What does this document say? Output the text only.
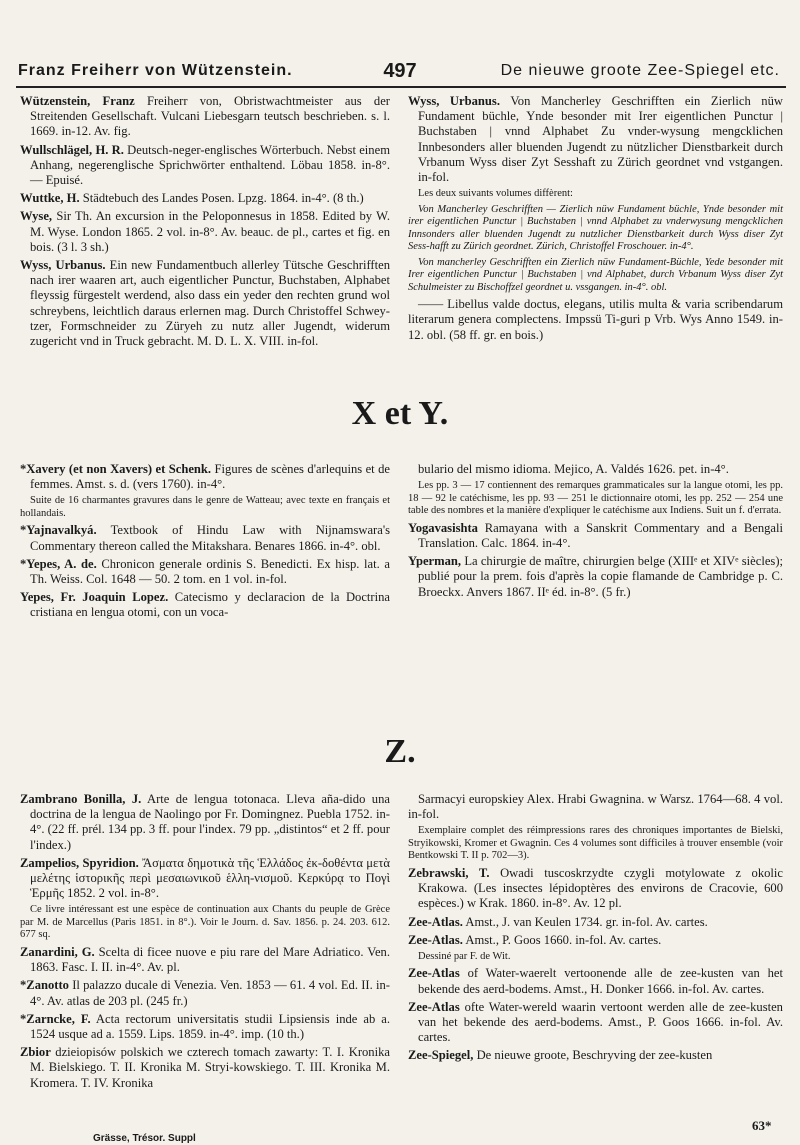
Franz Freiherr von Wützenstein.	497	De nieuwe groote Zee-Spiegel etc.

Wützenstein, Franz Freiherr von, Obristwachtmeister aus der Streitenden Gesellschaft. Vulcani Liebesgarn teutsch beschrieben. s. l. 1669. in-12. Av. fig.

Wullschlägel, H. R. Deutsch-neger-englisches Wörterbuch. Nebst einem Anhang, negerenglische Sprichwörter enthaltend. Löbau 1858. in-8°. — Epuisé.

Wuttke, H. Städtebuch des Landes Posen. Lpzg. 1864. in-4°. (8 th.)

Wyse, Sir Th. An excursion in the Peloponnesus in 1858. Edited by W. M. Wyse. London 1865. 2 vol. in-8°. Av. beauc. de pl., cartes et fig. en bois. (3 l. 3 sh.)

Wyss, Urbanus. Ein new Fundamentbuch allerley Tütsche Geschrifften nach irer waaren art, auch eigentlicher Punctur, Buchstaben, Alphabet fleyssig fürgestelt werdend, also dass ein yeder den rechten grund wol schreybens, leichtlich daraus erlernen mag. Durch Christoffel Schwey-tzer, Formschneider zu Züryeh zu nutz aller Jugendt, widerum zugericht vnd in Truck gebracht. M. D. L. X. VIII. in-fol.

Wyss, Urbanus. Von Mancherley Geschrifften ein Zierlich nüw Fundament büchle, Ynde besonder mit Irer eigentlichen Punctur | Buchstaben | vnnd Alphabet Zu vnder-wysung mengcklichen Innbesonders aller bluenden Jugendt zu nützlicher Dienstbarkeit durch Vrbanum Wyss diser Zyt Sesshaft zu Zürich geordnet vnd vstgangen. in-fol.

Les deux suivants volumes diffèrent:

Von Mancherley Geschrifften — Zierlich nüw Fundament büchle, Ynde besonder mit irer eigentlichen Punctur | Buchstaben | vnnd Alphabet zu vnderwysung mengcklichen Innsonders aller bluenden Jugendt zu nutzlicher Dienstbarkeit durch Wyss diser Zyt Sess-hafft zu Zürich geordnet. Zürich, Christoffel Froschouer. in-4°.

Von mancherley Geschrifften ein Zierlich nüw Fundament-Büchle, Yede besonder mit Irer eigentlichen Punctur | Buchstaben | vnd Alphabet, durch Vrbanum Wyss diser Zyt Schulmeister zu Bischoffzel geordnet u. vssgangen. in-4°. obl.

—— Libellus valde doctus, elegans, utilis multa & varia scribendarum literarum genera complectens. Impssü Ti-guri p Vrb. Wys Anno 1549. in-12. obl. (58 ff. gr. en bois.)

X et Y.

*Xavery (et non Xavers) et Schenk. Figures de scènes d'arlequins et de femmes. Amst. s. d. (vers 1760). in-4°.

Suite de 16 charmantes gravures dans le genre de Watteau; avec texte en français et hollandais.

*Yajnavalkyá. Textbook of Hindu Law with Nijnamswara's Commentary thereon called the Mitakshara. Benares 1866. in-4°. obl.

*Yepes, A. de. Chronicon generale ordinis S. Benedicti. Ex hisp. lat. a Th. Weiss. Col. 1648 — 50. 2 tom. en 1 vol. in-fol.

Yepes, Fr. Joaquin Lopez. Catecismo y declaracion de la Doctrina cristiana en lengua otomi, con un voca-

bulario del mismo idioma. Mejico, A. Valdés 1626. pet. in-4°.

Les pp. 3 — 17 contiennent des remarques grammaticales sur la langue otomi, les pp. 18 — 92 le catéchisme, les pp. 93 — 251 le dictionnaire otomi, les pp. 252 — 254 une table des nombres et la manière d'expliquer le catéchisme aux Indiens. Suit un f. d'errata.

Yogavasishta Ramayana with a Sanskrit Commentary and a Bengali Translation. Calc. 1864. in-4°.

Yperman, La chirurgie de maître, chirurgien belge (XIIIᵉ et XIVᵉ siècles); publié pour la prem. fois d'après la copie flamande de Cambridge p. C. Broeckx. Anvers 1867. IIᵉ éd. in-8°. (5 fr.)

Z.

Zambrano Bonilla, J. Arte de lengua totonaca. Lleva aña-dido una doctrina de la lengua de Naolingo por Fr. Domingnez. Puebla 1752. in-4°. (22 ff. prél. 134 pp. 3 ff. pour l'index. 79 pp. „distintos“ et 2 ff. pour l'index.)

Zampelios, Spyridion. Ἄσματα δημοτικὰ τῆς Ἑλλάδος ἐκ-δοθέντα μετὰ μελέτης ἱστορικῆς περὶ μεσαιωνικοῦ ἑλλη-νισμοῦ. Κερκύρᾳ το Πογὶ Ἑρμῆς 1852. 2 vol. in-8°.

Ce livre intéressant est une espèce de continuation aux Chants du peuple de Grèce par M. de Marcellus (Paris 1851. in 8°.). Voir le Journ. d. Sav. 1856. p. 24. 203. 612. 677 sq.

Zanardini, G. Scelta di ficee nuove e piu rare del Mare Adriatico. Ven. 1863. Fasc. I. II. in-4°. Av. pl.

*Zanotto Il palazzo ducale di Venezia. Ven. 1853 — 61. 4 vol. Ed. II. in-4°. Av. atlas de 203 pl. (245 fr.)

*Zarncke, F. Acta rectorum universitatis studii Lipsiensis inde ab a. 1524 usque ad a. 1559. Lips. 1859. in-4°. imp. (10 th.)

Zbior dzieiopisów polskich we czterech tomach zawarty: T. I. Kronika M. Bielskiego. T. II. Kronika M. Stryi-kowskiego. T. III. Kronika M. Kromera. T. IV. Kronika

Sarmacyi europskiey Alex. Hrabi Gwagnina. w Warsz. 1764—68. 4 vol. in-fol.

Exemplaire complet des réimpressions rares des chroniques importantes de Bielski, Stryikowski, Kromer et Gwagnin. Ces 4 volumes sont difficiles à trouver ensemble (voir Bentkowski T. II p. 702—3).

Zebrawski, T. Owadi tuscoskrzydte czygli motylowate z okolic Krakowa. (Les insectes lépidoptères des environs de Cracovie, 600 espèces.) w Krak. 1860. in-8°. Av. 12 pl.

Zee-Atlas. Amst., J. van Keulen 1734. gr. in-fol. Av. cartes.

Zee-Atlas. Amst., P. Goos 1660. in-fol. Av. cartes.

Dessiné par F. de Wit.

Zee-Atlas of Water-waerelt vertoonende alle de zee-kusten van het bekende des aerd-bodems. Amst., H. Donker 1666. in-fol. Av. cartes.

Zee-Atlas ofte Water-wereld waarin vertoont werden alle de zee-kusten van het bekende des aerd-bodems. Amst., P. Goos 1666. in-fol. Av. cartes.

Zee-Spiegel, De nieuwe groote, Beschryving der zee-kusten

Grässe, Trésor. Suppl
63*
